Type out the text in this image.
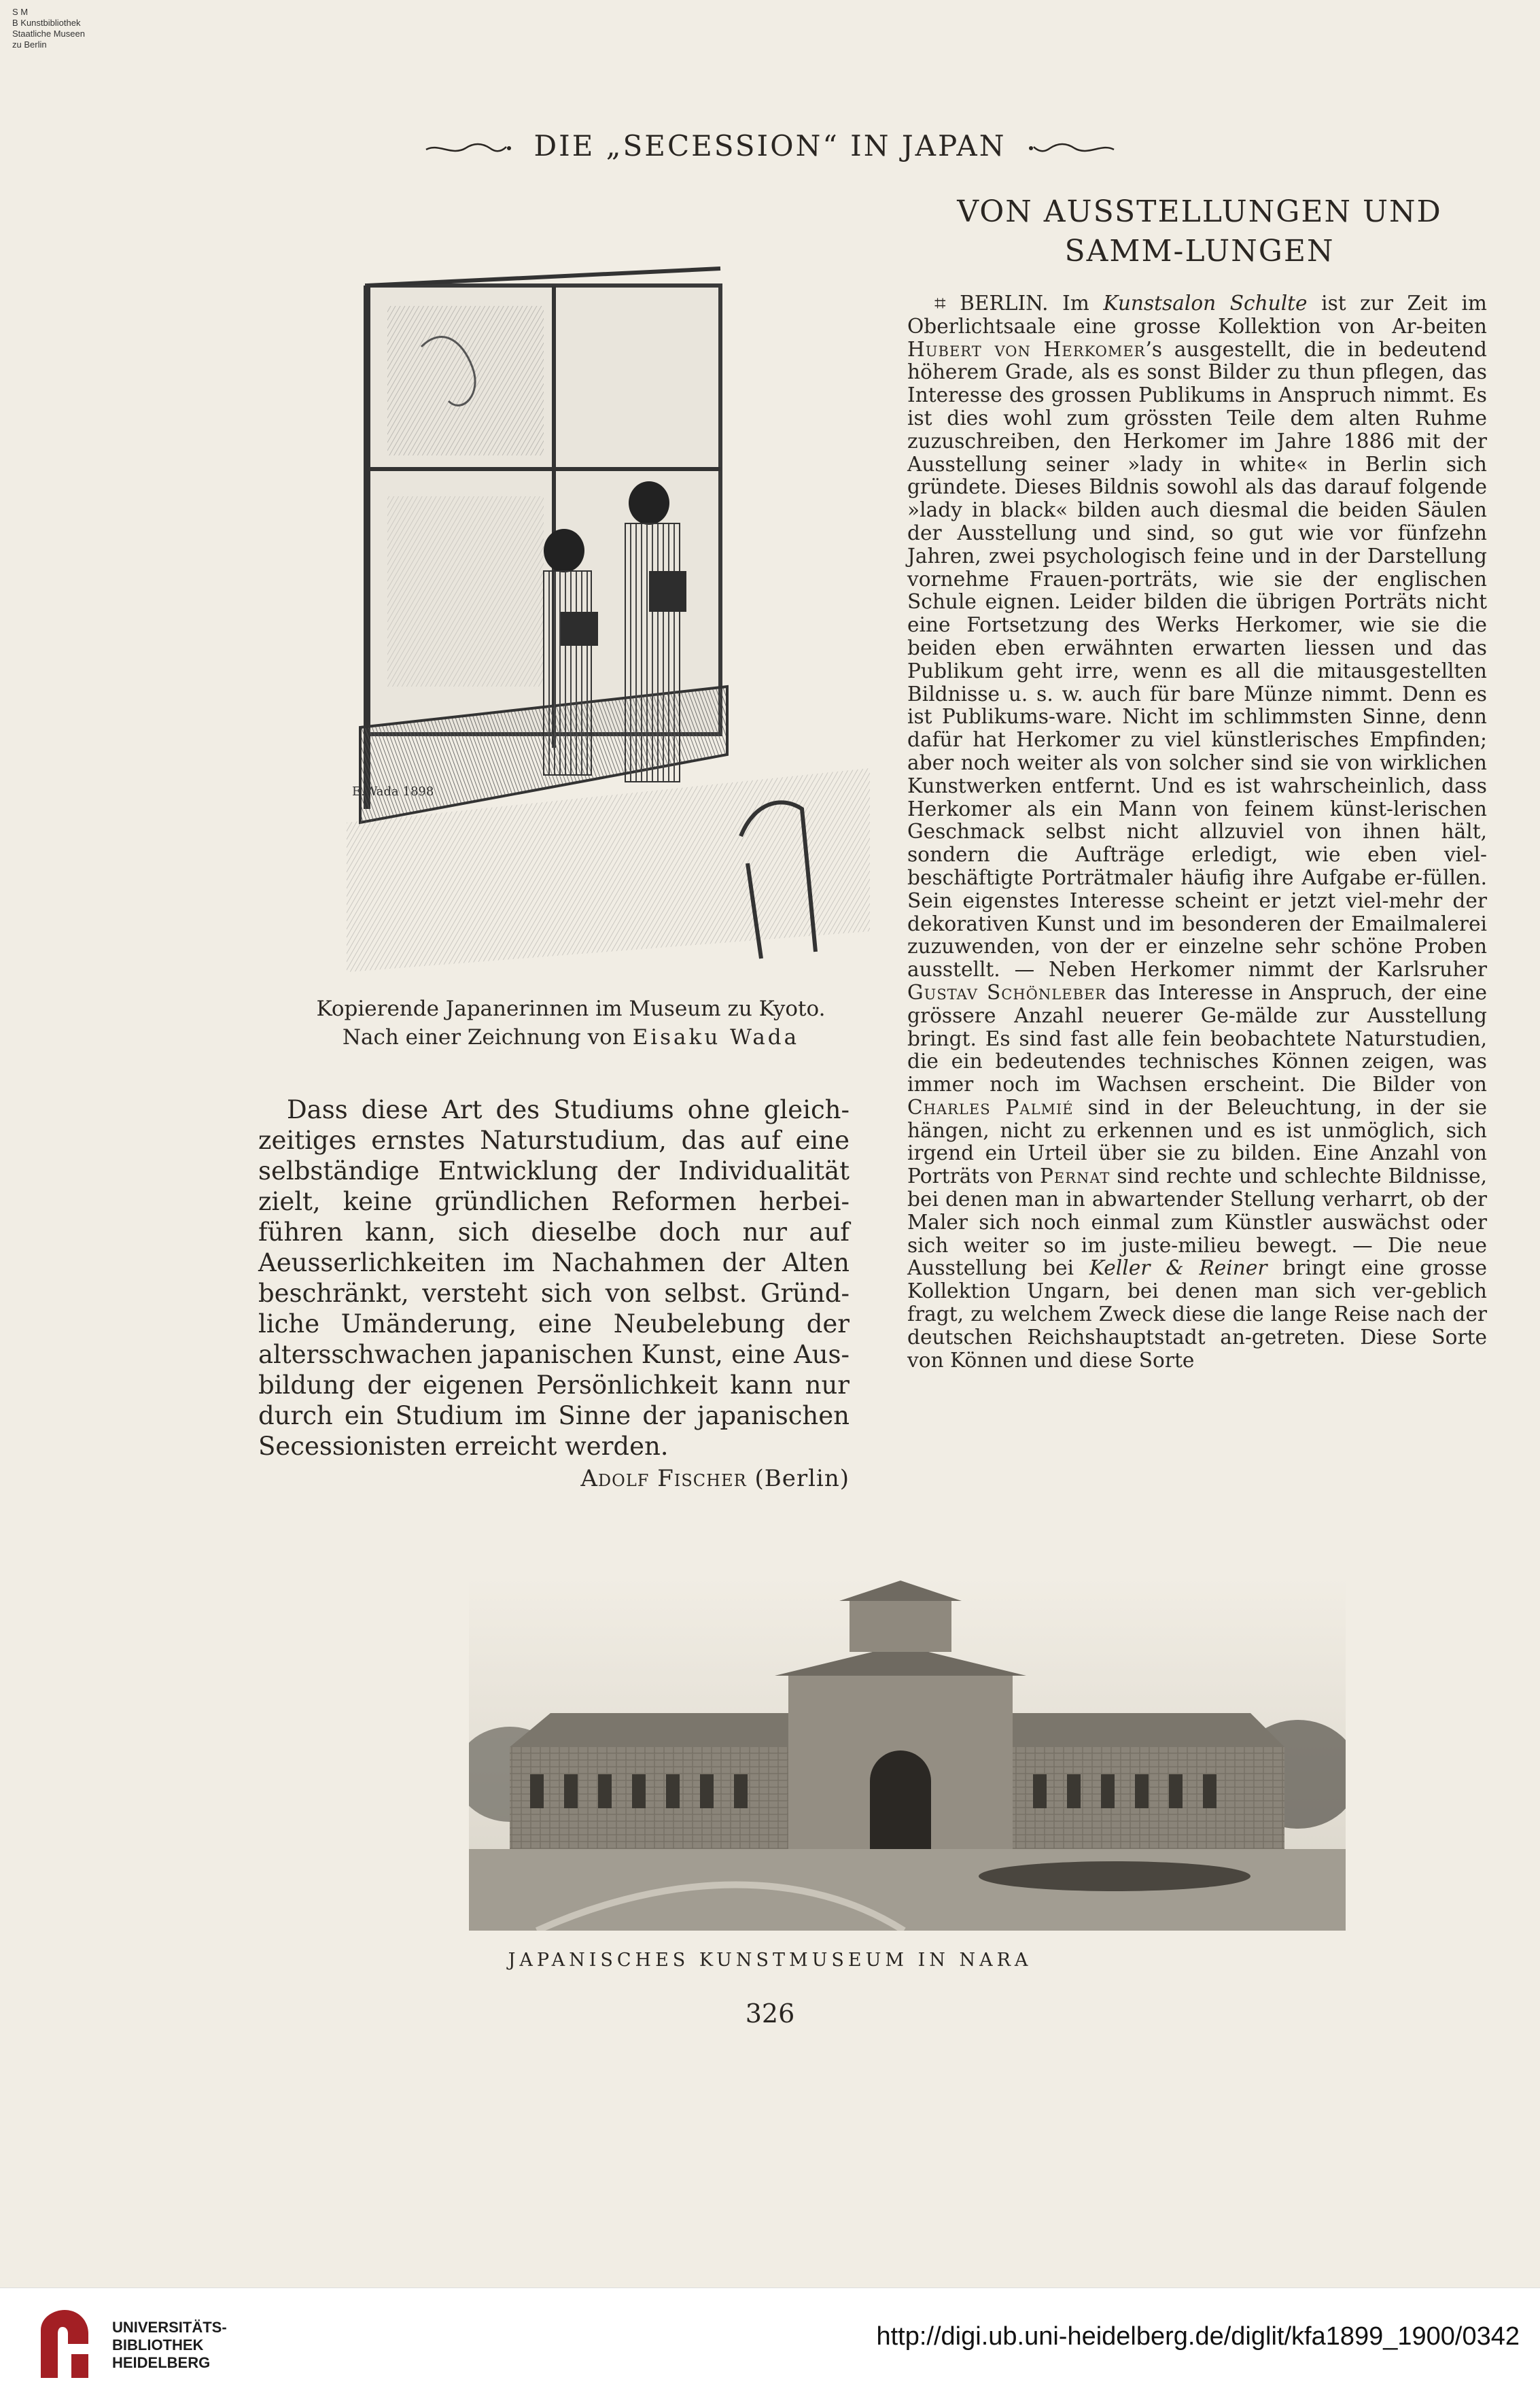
S M
B Kunstbibliothek
Staatliche Museen
zu Berlin
DIE „SECESSION“ IN JAPAN
E.Wada 1898
Kopierende Japanerinnen im Museum zu Kyoto.
Nach einer Zeichnung von Eisaku Wada

Dass diese Art des Studiums ohne gleich-zeitiges ernstes Naturstudium, das auf eine selbständige Entwicklung der Individualität zielt, keine gründlichen Reformen herbei-führen kann, sich dieselbe doch nur auf Aeusserlichkeiten im Nachahmen der Alten beschränkt, versteht sich von selbst. Gründ-liche Umänderung, eine Neubelebung der altersschwachen japanischen Kunst, eine Aus-bildung der eigenen Persönlichkeit kann nur durch ein Studium im Sinne der japanischen Secessionisten erreicht werden.

Adolf Fischer (Berlin)
VON AUSSTELLUNGEN UND SAMM-LUNGEN

⌗ BERLIN. Im Kunstsalon Schulte ist zur Zeit im Oberlichtsaale eine grosse Kollektion von Ar-beiten Hubert von Herkomer’s ausgestellt, die in bedeutend höherem Grade, als es sonst Bilder zu thun pflegen, das Interesse des grossen Publikums in Anspruch nimmt. Es ist dies wohl zum grössten Teile dem alten Ruhme zuzuschreiben, den Herkomer im Jahre 1886 mit der Ausstellung seiner »lady in white« in Berlin sich gründete. Dieses Bildnis sowohl als das darauf folgende »lady in black« bilden auch diesmal die beiden Säulen der Ausstellung und sind, so gut wie vor fünfzehn Jahren, zwei psychologisch feine und in der Darstellung vornehme Frauen-porträts, wie sie der englischen Schule eignen. Leider bilden die übrigen Porträts nicht eine Fortsetzung des Werks Herkomer, wie sie die beiden eben erwähnten erwarten liessen und das Publikum geht irre, wenn es all die mitausgestellten Bildnisse u. s. w. auch für bare Münze nimmt. Denn es ist Publikums-ware. Nicht im schlimmsten Sinne, denn dafür hat Herkomer zu viel künstlerisches Empfinden; aber noch weiter als von solcher sind sie von wirklichen Kunstwerken entfernt. Und es ist wahrscheinlich, dass Herkomer als ein Mann von feinem künst-lerischen Geschmack selbst nicht allzuviel von ihnen hält, sondern die Aufträge erledigt, wie eben viel-beschäftigte Porträtmaler häufig ihre Aufgabe er-füllen. Sein eigenstes Interesse scheint er jetzt viel-mehr der dekorativen Kunst und im besonderen der Emailmalerei zuzuwenden, von der er einzelne sehr schöne Proben ausstellt. — Neben Herkomer nimmt der Karlsruher Gustav Schönleber das Interesse in Anspruch, der eine grössere Anzahl neuerer Ge-mälde zur Ausstellung bringt. Es sind fast alle fein beobachtete Naturstudien, die ein bedeutendes technisches Können zeigen, was immer noch im Wachsen erscheint. Die Bilder von Charles Palmié sind in der Beleuchtung, in der sie hängen, nicht zu erkennen und es ist unmöglich, sich irgend ein Urteil über sie zu bilden. Eine Anzahl von Porträts von Pernat sind rechte und schlechte Bildnisse, bei denen man in abwartender Stellung verharrt, ob der Maler sich noch einmal zum Künstler auswächst oder sich weiter so im juste-milieu bewegt. — Die neue Ausstellung bei Keller & Reiner bringt eine grosse Kollektion Ungarn, bei denen man sich ver-geblich fragt, zu welchem Zweck diese die lange Reise nach der deutschen Reichshauptstadt an-getreten. Diese Sorte von Können und diese Sorte

JAPANISCHES KUNSTMUSEUM IN NARA
326
UNIVERSITÄTS-
BIBLIOTHEK
HEIDELBERG
http://digi.ub.uni-heidelberg.de/diglit/kfa1899_1900/0342
